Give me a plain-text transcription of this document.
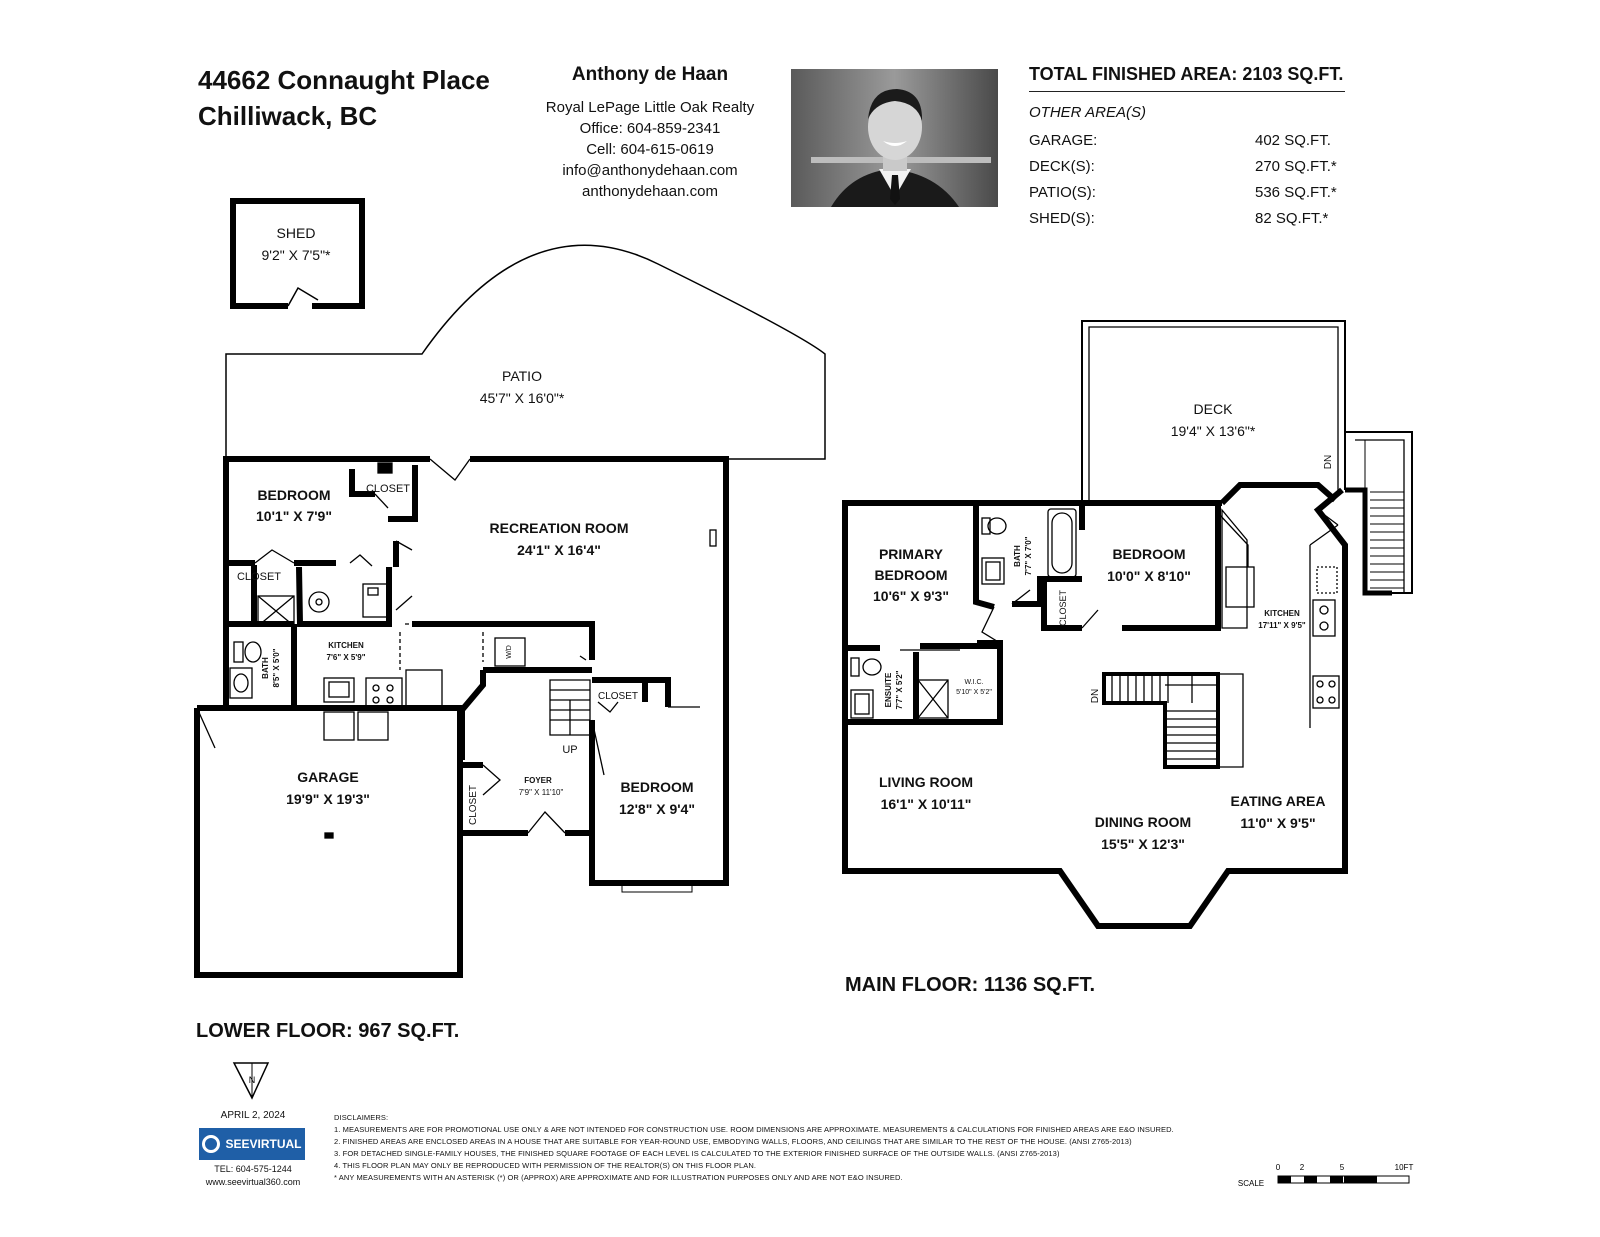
44662 Connaught Place
Chilliwack, BC
Anthony de Haan
Royal LePage Little Oak Realty
Office: 604-859-2341
Cell: 604-615-0619
info@anthonydehaan.com
anthonydehaan.com
TOTAL FINISHED AREA: 2103 SQ.FT.
OTHER AREA(S)
GARAGE:	402 SQ.FT.
DECK(S):	270 SQ.FT.*
PATIO(S):	536 SQ.FT.*
SHED(S):	82 SQ.FT.*
SHED
9'2" X 7'5"*
PATIO
45'7" X 16'0"*
BEDROOM
10'1" X 7'9"
CLOSET
CLOSET
RECREATION ROOM
24'1" X 16'4"
KITCHEN
7'6" X 5'9"
BATH 8'5" X 5'0"	W/D
CLOSET
UP
GARAGE
19'9" X 19'3"
FOYER
7'9" X 11'10"
CLOSET	BEDROOM
12'8" X 9'4"
DECK
19'4" X 13'6"*
DN
DN
PRIMARY
BEDROOM
10'6" X 9'3"
BATH 7'7" X 7'0"	BEDROOM
10'0" X 8'10"
CLOSET	KITCHEN
17'11" X 9'5"
ENSUITE 7'7" X 5'2"	W.I.C.
5'10" X 5'2"
LIVING ROOM
16'1" X 10'11"
DINING ROOM
15'5" X 12'3"
EATING AREA
11'0" X 9'5"
LOWER FLOOR: 967 SQ.FT.
MAIN FLOOR: 1136 SQ.FT.
N
0 2	5	10FT
SCALE
APRIL 2, 2024
SEEVIRTUAL
TEL: 604-575-1244
www.seevirtual360.com
DISCLAIMERS:
1. MEASUREMENTS ARE FOR PROMOTIONAL USE ONLY & ARE NOT INTENDED FOR CONSTRUCTION USE. ROOM DIMENSIONS ARE APPROXIMATE. MEASUREMENTS & CALCULATIONS FOR FINISHED AREAS ARE E&O INSURED.
2. FINISHED AREAS ARE ENCLOSED AREAS IN A HOUSE THAT ARE SUITABLE FOR YEAR-ROUND USE, EMBODYING WALLS, FLOORS, AND CEILINGS THAT ARE SIMILAR TO THE REST OF THE HOUSE. (ANSI Z765-2013)
3. FOR DETACHED SINGLE-FAMILY HOUSES, THE FINISHED SQUARE FOOTAGE OF EACH LEVEL IS CALCULATED TO THE EXTERIOR FINISHED SURFACE OF THE OUTSIDE WALLS. (ANSI Z765-2013)
4. THIS FLOOR PLAN MAY ONLY BE REPRODUCED WITH PERMISSION OF THE REALTOR(S) ON THIS FLOOR PLAN.
* ANY MEASUREMENTS WITH AN ASTERISK (*) OR (APPROX) ARE APPROXIMATE AND FOR ILLUSTRATION PURPOSES ONLY AND ARE NOT E&O INSURED.
